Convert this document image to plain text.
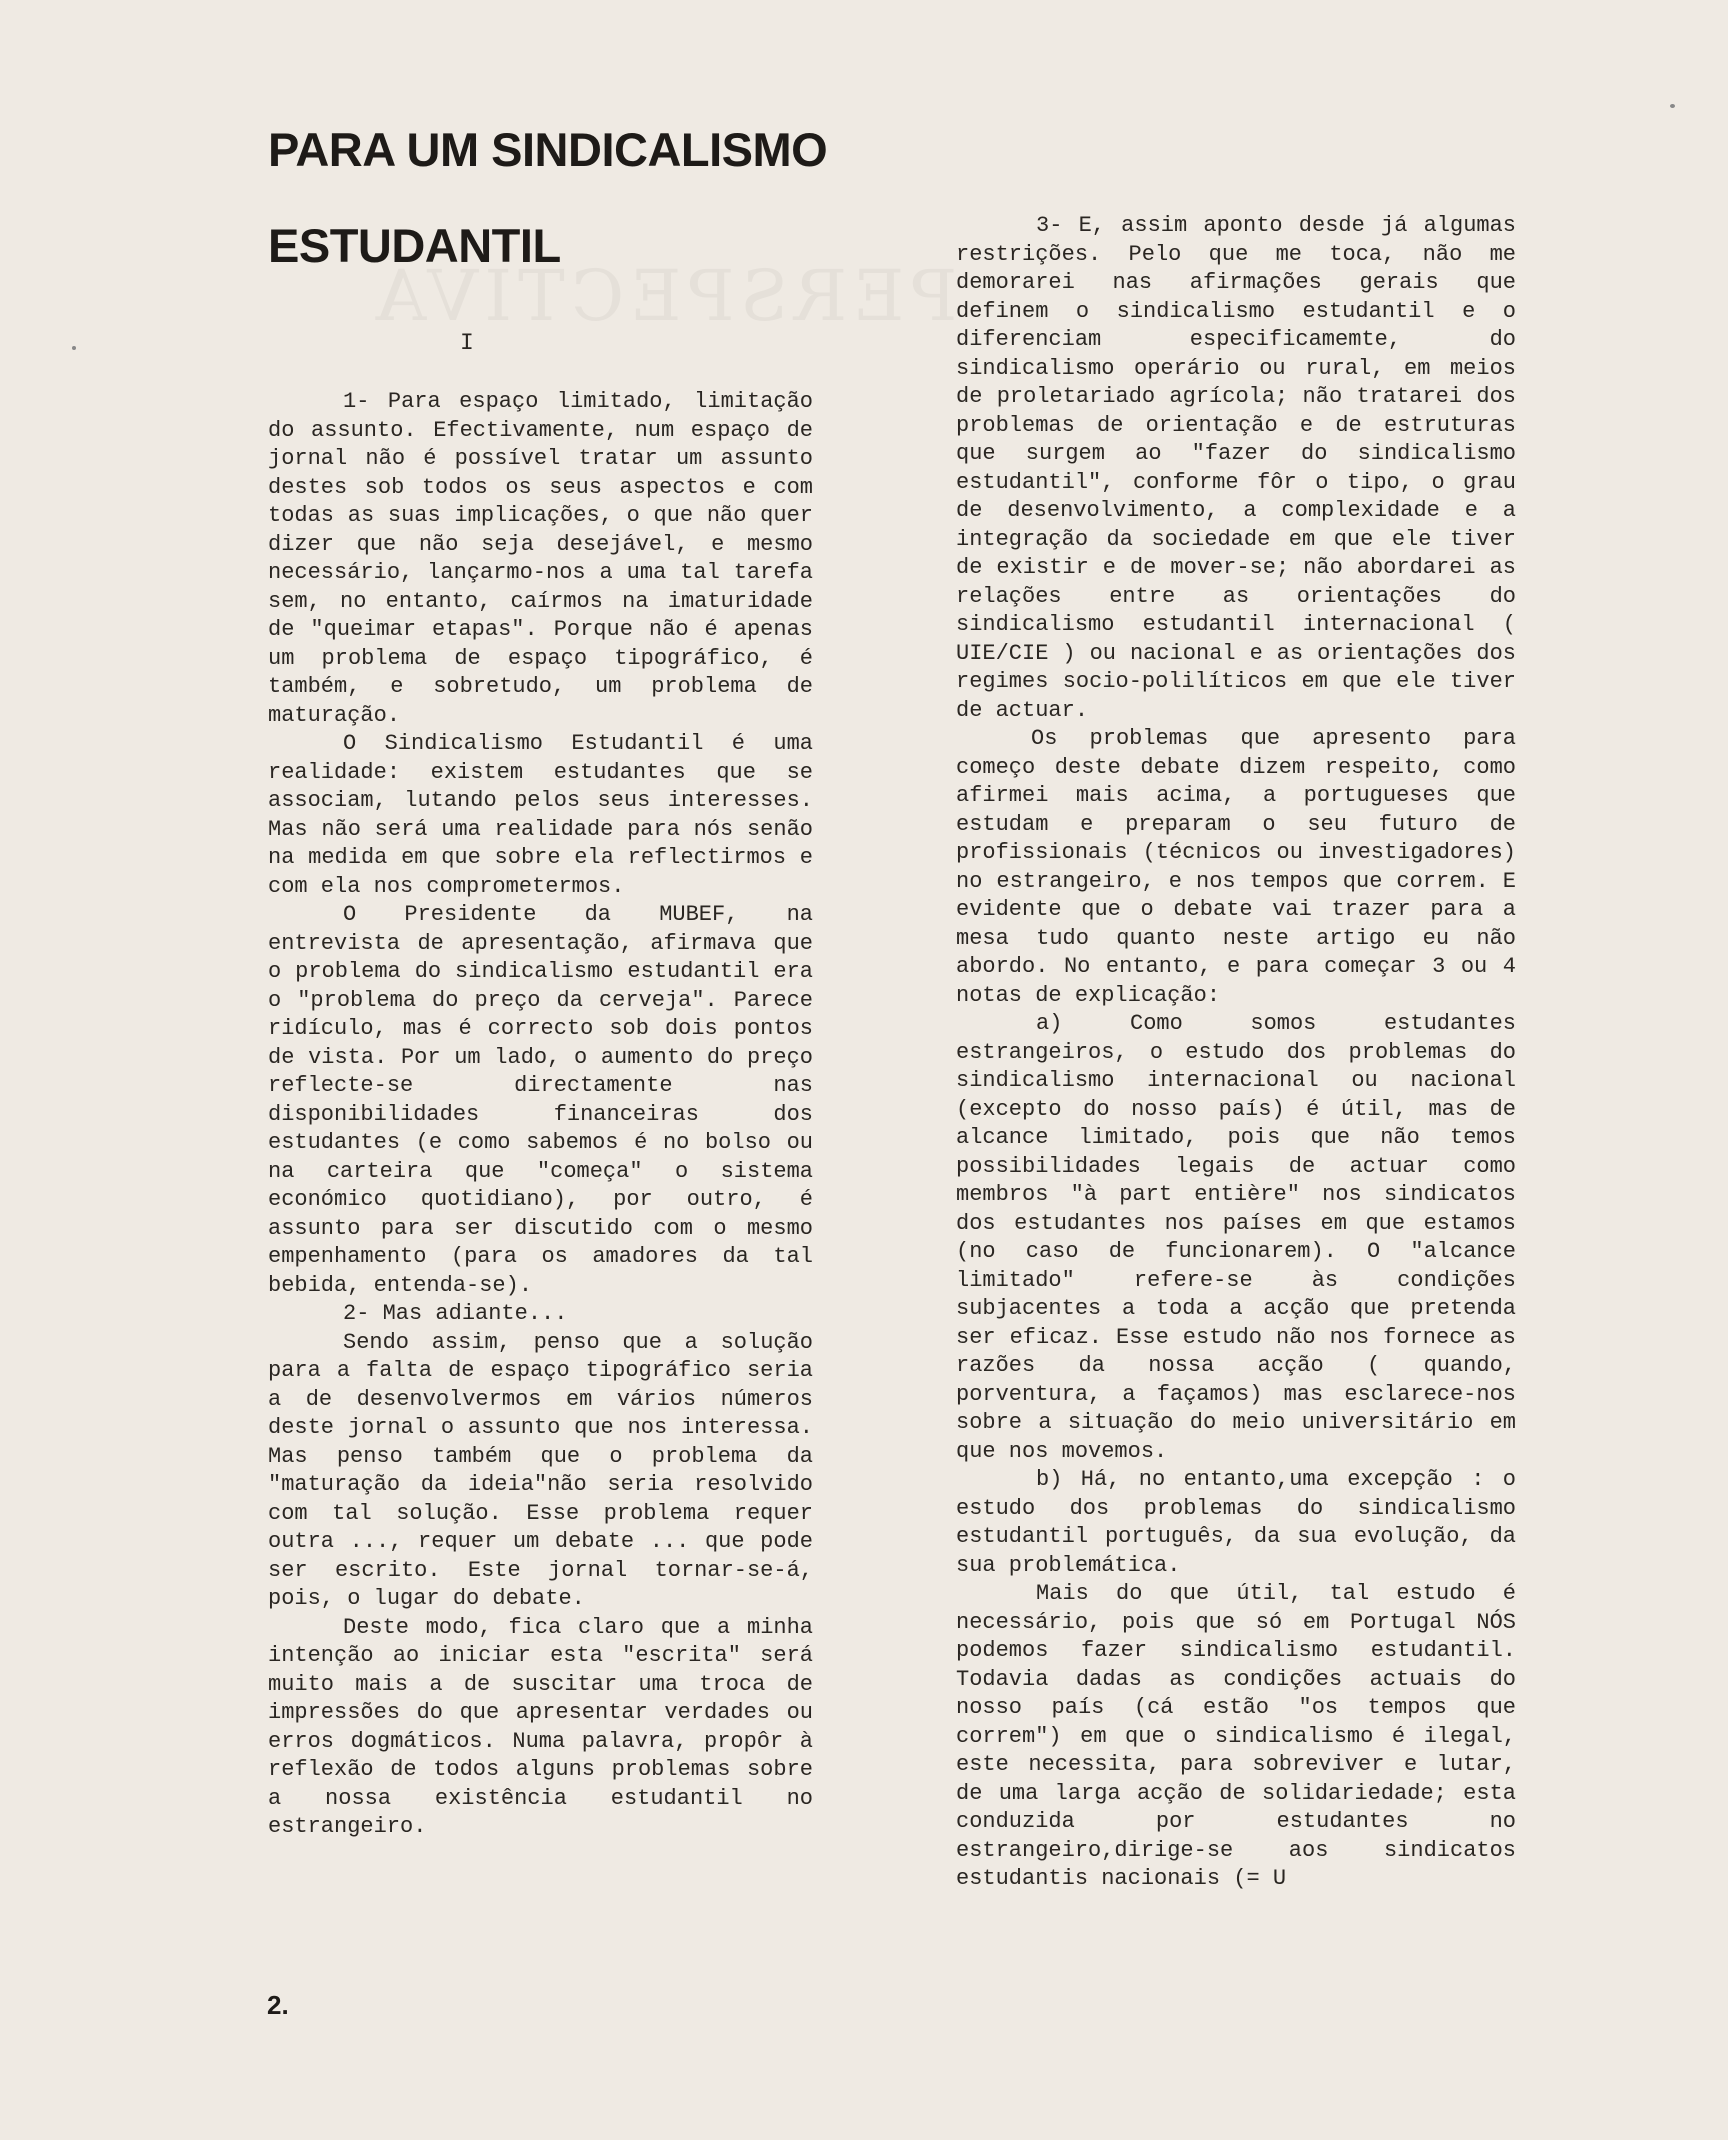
PERSPECTIVA
PARA UM SINDICALISMO
ESTUDANTIL
I

1- Para espaço limitado, limitação do assunto. Efectivamente, num espaço de jornal não é possível tratar um assunto destes sob todos os seus aspectos e com todas as suas implicações, o que não quer dizer que não seja desejável, e mesmo necessário, lançarmo-nos a uma tal tarefa sem, no entanto, caírmos na imaturidade de "queimar etapas". Porque não é apenas um problema de espaço tipográfico, é também, e sobretudo, um problema de maturação.

O Sindicalismo Estudantil é uma realidade: existem estudantes que se associam, lutando pelos seus interesses. Mas não será uma realidade para nós senão na medida em que sobre ela reflectirmos e com ela nos comprometermos.

O Presidente da MUBEF, na entrevista de apresentação, afirmava que o problema do sindicalismo estudantil era o "problema do preço da cerveja". Parece ridículo, mas é correcto sob dois pontos de vista. Por um lado, o aumento do preço reflecte-se directamente nas disponibilidades financeiras dos estudantes (e como sabemos é no bolso ou na carteira que "começa" o sistema económico quotidiano), por outro, é assunto para ser discutido com o mesmo empenhamento (para os amadores da tal bebida, entenda-se).

2- Mas adiante...

Sendo assim, penso que a solução para a falta de espaço tipográfico seria a de desenvolvermos em vários números deste jornal o assunto que nos interessa. Mas penso também que o problema da "maturação da ideia"não seria resolvido com tal solução. Esse problema requer outra ..., requer um debate ... que pode ser escrito. Este jornal tornar-se-á, pois, o lugar do debate.

Deste modo, fica claro que a minha intenção ao iniciar esta "escrita" será muito mais a de suscitar uma troca de impressões do que apresentar verdades ou erros dogmáticos. Numa palavra, propôr à reflexão de todos alguns problemas sobre a nossa existência estudantil no estrangeiro.

3- E, assim aponto desde já algumas restrições. Pelo que me toca, não me demorarei nas afirmações gerais que definem o sindicalismo estudantil e o diferenciam especificamemte, do sindicalismo operário ou rural, em meios de proletariado agrícola; não tratarei dos problemas de orientação e de estruturas que surgem ao "fazer do sindicalismo estudantil", conforme fôr o tipo, o grau de desenvolvimento, a complexidade e a integração da sociedade em que ele tiver de existir e de mover-se; não abordarei as relações entre as orientações do sindicalismo estudantil internacional ( UIE/CIE ) ou nacional e as orientações dos regimes socio-polilíticos em que ele tiver de actuar.

Os problemas que apresento para começo deste debate dizem respeito, como afirmei mais acima, a portugueses que estudam e preparam o seu futuro de profissionais (técnicos ou investigadores) no estrangeiro, e nos tempos que correm. E evidente que o debate vai trazer para a mesa tudo quanto neste artigo eu não abordo. No entanto, e para começar 3 ou 4 notas de explicação:

a) Como somos estudantes estrangeiros, o estudo dos problemas do sindicalismo internacional ou nacional (excepto do nosso país) é útil, mas de alcance limitado, pois que não temos possibilidades legais de actuar como membros "à part entière" nos sindicatos dos estudantes nos países em que estamos (no caso de funcionarem). O "alcance limitado" refere-se às condições subjacentes a toda a acção que pretenda ser eficaz. Esse estudo não nos fornece as razões da nossa acção ( quando, porventura, a façamos) mas esclarece-nos sobre a situação do meio universitário em que nos movemos.

b) Há, no entanto,uma excepção : o estudo dos problemas do sindicalismo estudantil português, da sua evolução, da sua problemática.

Mais do que útil, tal estudo é necessário, pois que só em Portugal NÓS podemos fazer sindicalismo estudantil. Todavia dadas as condições actuais do nosso país (cá estão "os tempos que correm") em que o sindicalismo é ilegal, este necessita, para sobreviver e lutar, de uma larga acção de solidariedade; esta conduzida por estudantes no estrangeiro,dirige-se aos sindicatos estudantis nacionais (= U

2.
